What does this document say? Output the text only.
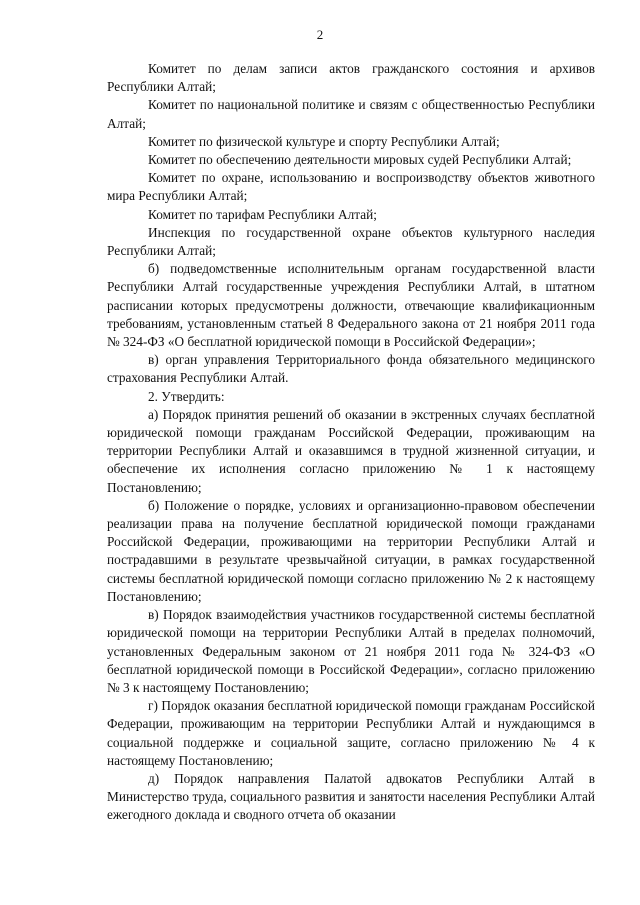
2

Комитет по делам записи актов гражданского состояния и архивов Республики Алтай;

Комитет по национальной политике и связям с общественностью Республики Алтай;

Комитет по физической культуре и спорту Республики Алтай;

Комитет по обеспечению деятельности мировых судей Республики Алтай;

Комитет по охране, использованию и воспроизводству объектов животного мира Республики Алтай;

Комитет по тарифам Республики Алтай;

Инспекция по государственной охране объектов культурного наследия Республики Алтай;

б) подведомственные исполнительным органам государственной власти Республики Алтай государственные учреждения Республики Алтай, в штатном расписании которых предусмотрены должности, отвечающие квалификационным требованиям, установленным статьей 8 Федерального закона от 21 ноября 2011 года № 324-ФЗ «О бесплатной юридической помощи в Российской Федерации»;

в) орган управления Территориального фонда обязательного медицинского страхования Республики Алтай.

2. Утвердить:

а) Порядок принятия решений об оказании в экстренных случаях бесплатной юридической помощи гражданам Российской Федерации, проживающим на территории Республики Алтай и оказавшимся в трудной жизненной ситуации, и обеспечение их исполнения согласно приложению № 1 к настоящему Постановлению;

б) Положение о порядке, условиях и организационно-правовом обеспечении реализации права на получение бесплатной юридической помощи гражданами Российской Федерации, проживающими на территории Республики Алтай и пострадавшими в результате чрезвычайной ситуации, в рамках государственной системы бесплатной юридической помощи согласно приложению № 2 к настоящему Постановлению;

в) Порядок взаимодействия участников государственной системы бесплатной юридической помощи на территории Республики Алтай в пределах полномочий, установленных Федеральным законом от 21 ноября 2011 года № 324-ФЗ «О бесплатной юридической помощи в Российской Федерации», согласно приложению № 3 к настоящему Постановлению;

г) Порядок оказания бесплатной юридической помощи гражданам Российской Федерации, проживающим на территории Республики Алтай и нуждающимся в социальной поддержке и социальной защите, согласно приложению № 4 к настоящему Постановлению;

д) Порядок направления Палатой адвокатов Республики Алтай в Министерство труда, социального развития и занятости населения Республики Алтай ежегодного доклада и сводного отчета об оказании
